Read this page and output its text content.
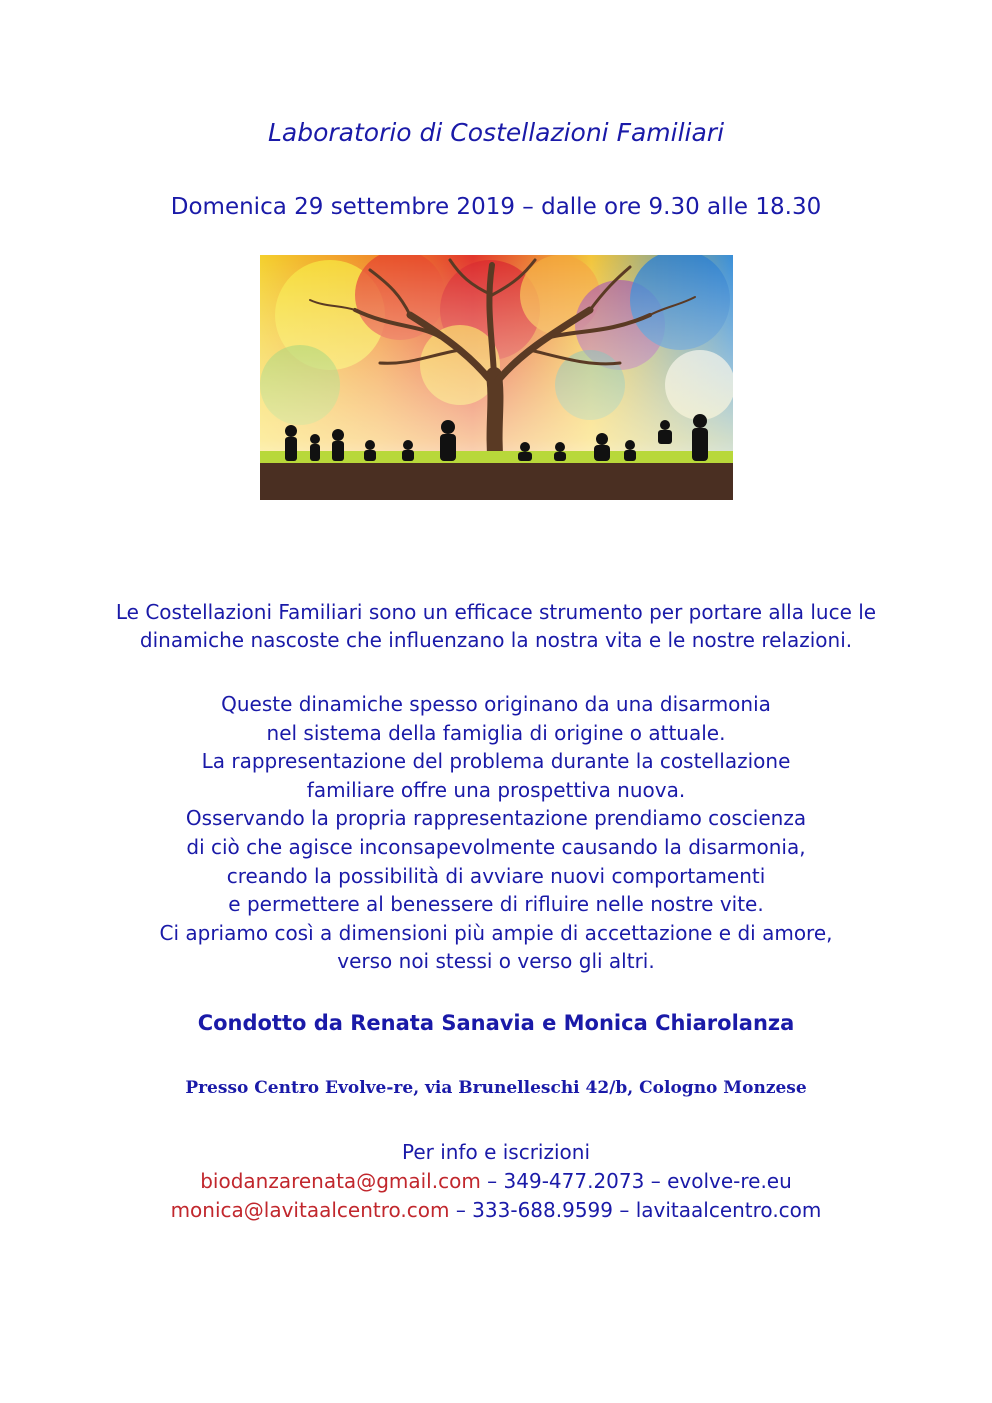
Laboratorio di Costellazioni Familiari
Domenica 29 settembre 2019 – dalle ore 9.30 alle 18.30
Le Costellazioni Familiari sono un efficace strumento per portare alla luce le
dinamiche nascoste che influenzano la nostra vita e le nostre relazioni.
Queste dinamiche spesso originano da una disarmonia
nel sistema della famiglia di origine o attuale.
La rappresentazione del problema durante la costellazione
familiare offre una prospettiva nuova.
Osservando la propria rappresentazione prendiamo coscienza
di ciò che agisce inconsapevolmente causando la disarmonia,
creando la possibilità di avviare nuovi comportamenti
e permettere al benessere di rifluire nelle nostre vite.
Ci apriamo così a dimensioni più ampie di accettazione e di amore,
verso noi stessi o verso gli altri.
Condotto da Renata Sanavia e Monica Chiarolanza
Presso Centro Evolve-re, via Brunelleschi 42/b, Cologno Monzese
Per info e iscrizioni
biodanzarenata@gmail.com – 349-477.2073 – evolve-re.eu
monica@lavitaalcentro.com – 333-688.9599 – lavitaalcentro.com
